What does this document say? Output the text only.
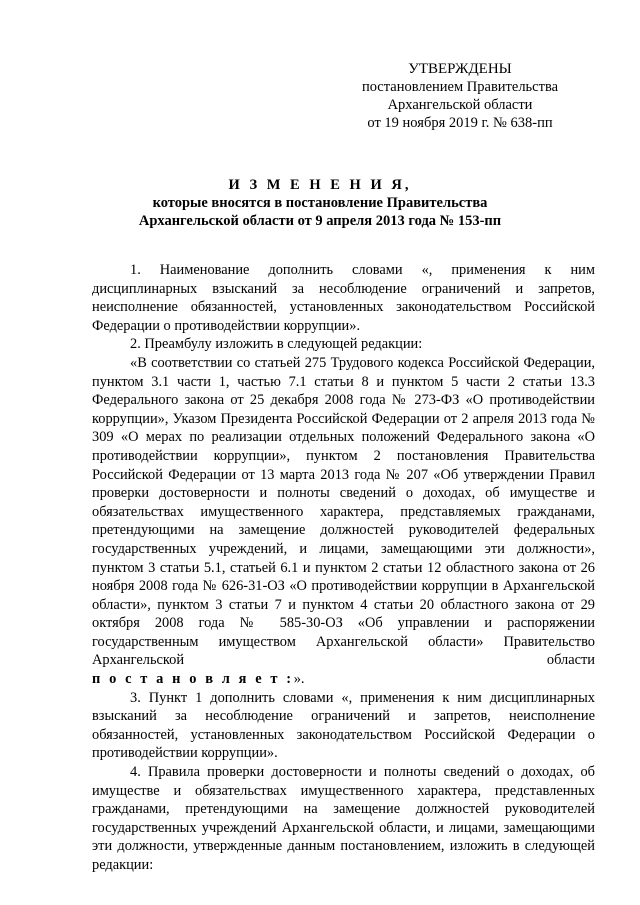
УТВЕРЖДЕНЫ
постановлением Правительства
Архангельской области
от 19 ноября 2019 г. № 638-пп
И З М Е Н Е Н И Я,
которые вносятся в постановление Правительства
Архангельской области от 9 апреля 2013 года № 153-пп

1. Наименование дополнить словами «, применения к ним дисциплинарных взысканий за несоблюдение ограничений и запретов, неисполнение обязанностей, установленных законодательством Российской Федерации о противодействии коррупции».

2. Преамбулу изложить в следующей редакции:

«В соответствии со статьей 275 Трудового кодекса Российской Федерации, пунктом 3.1 части 1, частью 7.1 статьи 8 и пунктом 5 части 2 статьи 13.3 Федерального закона от 25 декабря 2008 года № 273-ФЗ «О противодействии коррупции», Указом Президента Российской Федерации от 2 апреля 2013 года № 309 «О мерах по реализации отдельных положений Федерального закона «О противодействии коррупции», пунктом 2 постановления Правительства Российской Федерации от 13 марта 2013 года № 207 «Об утверждении Правил проверки достоверности и полноты сведений о доходах, об имуществе и обязательствах имущественного характера, представляемых гражданами, претендующими на замещение должностей руководителей федеральных государственных учреждений, и лицами, замещающими эти должности», пунктом 3 статьи 5.1, статьей 6.1 и пунктом 2 статьи 12 областного закона от 26 ноября 2008 года № 626-31-ОЗ «О противодействии коррупции в Архангельской области», пунктом 3 статьи 7 и пунктом 4 статьи 20 областного закона от 29 октября 2008 года № 585-30-ОЗ «Об управлении и распоряжении государственным имуществом Архангельской области» Правительство Архангельской области

п о с т а н о в л я е т :».

3. Пункт 1 дополнить словами «, применения к ним дисциплинарных взысканий за несоблюдение ограничений и запретов, неисполнение обязанностей, установленных законодательством Российской Федерации о противодействии коррупции».

4. Правила проверки достоверности и полноты сведений о доходах, об имуществе и обязательствах имущественного характера, представленных гражданами, претендующими на замещение должностей руководителей государственных учреждений Архангельской области, и лицами, замещающими эти должности, утвержденные данным постановлением, изложить в следующей редакции:
